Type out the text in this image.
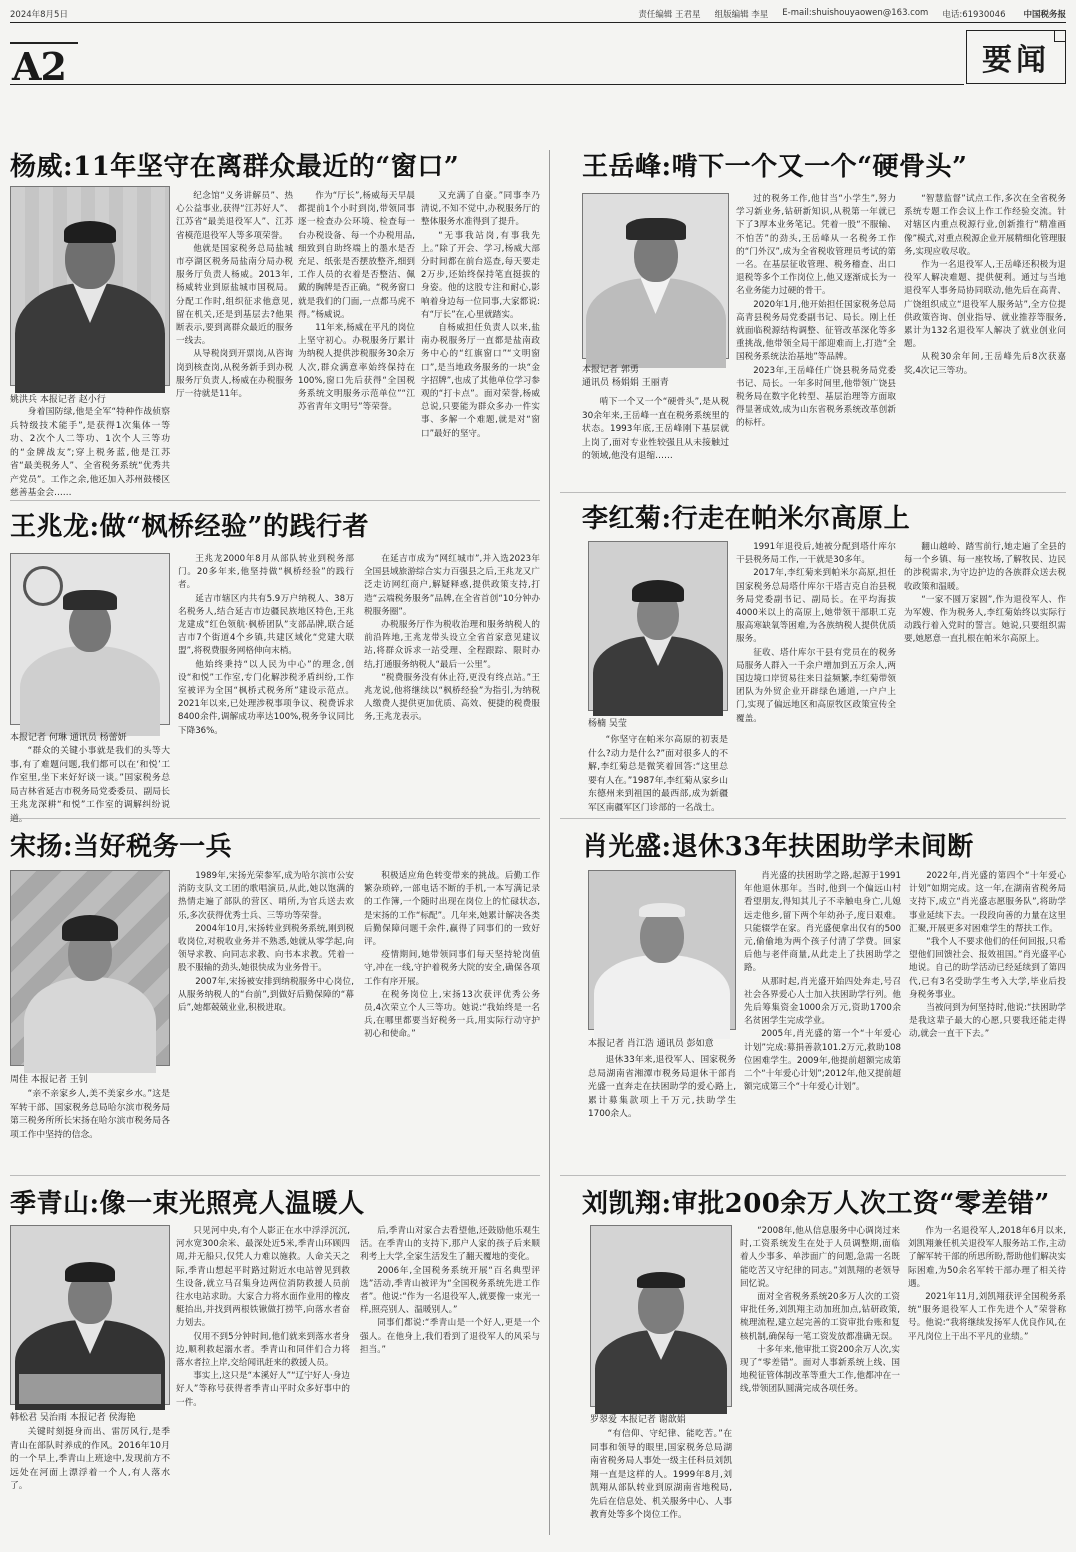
2024年8月5日	责任编辑 王君星 组版编辑 李星 E-mail:shuishouyaowen@163.com 电话:61930046 中国税务报
A2	要闻
杨威:11年坚守在离群众最近的“窗口”
姚洪兵 本报记者 赵小行
身着国防绿,他是全军“特种作战侦察兵特级技术能手”,是获得1次集体一等功、2次个人二等功、1次个人三等功的“金牌战友”;穿上税务蓝,他是江苏省“最美税务人”、全省税务系统“优秀共产党员”。工作之余,他还加入苏州鼓楼区慈善基金会……

纪念馆“义务讲解员”、热心公益事业,获得“江苏好人”、江苏省“最美退役军人”、江苏省模范退役军人等多项荣誉。

他就是国家税务总局盐城市亭湖区税务局盐南分局办税服务厅负责人杨威。2013年,杨威转业到原盐城市国税局。分配工作时,组织征求他意见,留在机关,还是到基层去?他果断表示,要到离群众最近的服务一线去。

从导税岗到开票岗,从咨询岗到核查岗,从税务新手到办税服务厅负责人,杨威在办税服务厅一待就是11年。

作为“厅长”,杨威每天早晨都提前1个小时到岗,带领同事逐一检查办公环境、检查每一台办税设备、每一个办税用品,细致到自助终端上的墨水是否充足、纸张是否摆放整齐,细到工作人员的衣着是否整洁、佩戴的胸牌是否正确。“税务窗口就是我们的门面,一点都马虎不得。”杨威说。

11年来,杨威在平凡的岗位上坚守初心。办税服务厅累计为纳税人提供涉税服务30余万人次,群众满意率始终保持在100%,窗口先后获得“全国税务系统文明服务示范单位”“江苏省青年文明号”等荣誉。

又充满了自豪。”同事李乃清说,不知不觉中,办税服务厅的整体服务水准得到了提升。

“无事我站岗,有事我先上。”除了开会、学习,杨威大部分时间都在前台巡查,每天要走2万步,还始终保持笔直挺拔的身姿。他的这股专注和耐心,影响着身边每一位同事,大家都说:有“厅长”在,心里就踏实。

自杨威担任负责人以来,盐南办税服务厅一直都是盐南政务中心的“红旗窗口”“文明窗口”,是当地政务服务的一块“金字招牌”,也成了其他单位学习参观的“打卡点”。面对荣誉,杨威总说,只要能为群众多办一件实事、多解一个难题,就是对“窗口”最好的坚守。

王岳峰:啃下一个又一个“硬骨头”
本报记者 郭勇
通讯员 杨娟娟 王丽青
啃下一个又一个“硬骨头”,是从税30余年来,王岳峰一直在税务系统里的状态。1993年底,王岳峰刚下基层就上岗了,面对专业性较强且从未接触过的领域,他没有退缩……

过的税务工作,他甘当“小学生”,努力学习新业务,钻研新知识,从税第一年就已下了3厚本业务笔记。凭着一股“不服输、不怕苦”的劲头,王岳峰从一名税务工作的“门外汉”,成为全省税收管理员考试的第一名。在基层征收管理、税务稽查、出口退税等多个工作岗位上,他又逐渐成长为一名业务能力过硬的骨干。

2020年1月,他开始担任国家税务总局高青县税务局党委副书记、局长。刚上任就面临税源结构调整、征管改革深化等多重挑战,他带领全局干部迎难而上,打造“全国税务系统法治基地”等品牌。

2023年,王岳峰任广饶县税务局党委书记、局长。一年多时间里,他带领广饶县税务局在数字化转型、基层治理等方面取得显著成效,成为山东省税务系统改革创新的标杆。

“智慧监督”试点工作,多次在全省税务系统专题工作会议上作工作经验交流。针对辖区内重点税源行业,创新推行“精准画像”模式,对重点税源企业开展精细化管理服务,实现应收尽收。

作为一名退役军人,王岳峰还积极为退役军人解决难题、提供便利。通过与当地退役军人事务局协同联动,他先后在高青、广饶组织成立“退役军人服务站”,全方位提供政策咨询、创业指导、就业推荐等服务,累计为132名退役军人解决了就业创业问题。

从税30余年间,王岳峰先后8次获嘉奖,4次记三等功。

王兆龙:做“枫桥经验”的践行者
本报记者 何琳 通讯员 杨蕾妍
“群众的关键小事就是我们的头等大事,有了难题问题,我们都可以在‘和悦’工作室里,坐下来好好谈一谈。”国家税务总局吉林省延吉市税务局党委委员、副局长王兆龙深耕“和悦”工作室的调解纠纷说道。

王兆龙2000年8月从部队转业到税务部门。20多年来,他坚持做“枫桥经验”的践行者。

延吉市辖区内共有5.9万户纳税人、38万名税务人,结合延吉市边疆民族地区特色,王兆龙建成“红色领航·枫桥团队”支部品牌,联合延吉市7个街道4个乡镇,共建区域化“党建大联盟”,将税费服务网格伸向末梢。

他始终秉持“以人民为中心”的理念,创设“和悦”工作室,专门化解涉税矛盾纠纷,工作室被评为全国“枫桥式税务所”建设示范点。2021年以来,已处理涉税事项争议、税费诉求8400余件,调解成功率达100%,税务争议同比下降36%。

在延吉市成为“网红城市”,并入选2023年全国县域旅游综合实力百强县之后,王兆龙又广泛走访网红商户,解疑释惑,提供政策支持,打造“云端税务服务”品牌,在全省首创“10分钟办税服务圈”。

办税服务厅作为税收治理和服务纳税人的前沿阵地,王兆龙带头设立全省首家意见建议站,将群众诉求一站受理、全程跟踪、限时办结,打通服务纳税人“最后一公里”。

“税费服务没有休止符,更没有终点站。”王兆龙说,他将继续以“枫桥经验”为指引,为纳税人缴费人提供更加优质、高效、便捷的税费服务,王兆龙表示。

李红菊:行走在帕米尔高原上
杨楠 吴莹
“你坚守在帕米尔高原的初衷是什么?动力是什么?”面对很多人的不解,李红菊总是微笑着回答:“这里总要有人在。”1987年,李红菊从家乡山东德州来到祖国的最西部,成为新疆军区南疆军区门诊部的一名战士。

1991年退役后,她被分配到塔什库尔干县税务局工作,一干就是30多年。

2017年,李红菊来到帕米尔高原,担任国家税务总局塔什库尔干塔吉克自治县税务局党委副书记、副局长。在平均海拔4000米以上的高原上,她带领干部职工克服高寒缺氧等困难,为各族纳税人提供优质服务。

征收、塔什库尔干县有党员在的税务局服务人群入一千余户增加到五万余人,两国边境口岸贸易往来日益频繁,李红菊带领团队为外贸企业开辟绿色通道,一户户上门,实现了偏远地区和高原牧区政策宣传全覆盖。

翻山越岭、踏雪前行,她走遍了全县的每一个乡镇、每一座牧场,了解牧民、边民的涉税需求,为守边护边的各族群众送去税收政策和温暖。

“一家不圆万家圆”,作为退役军人、作为军嫂、作为税务人,李红菊始终以实际行动践行着入党时的誓言。她说,只要组织需要,她愿意一直扎根在帕米尔高原上。

宋扬:当好税务一兵
周佳 本报记者 王钊
“亲不亲家乡人,美不美家乡水。”这是军转干部、国家税务总局哈尔滨市税务局第三税务所所长宋扬在哈尔滨市税务局各项工作中坚持的信念。

1989年,宋扬光荣参军,成为哈尔滨市公安消防支队文工团的歌唱演员,从此,她以饱满的热情走遍了部队的营区、哨所,为官兵送去欢乐,多次获得优秀士兵、三等功等荣誉。

2004年10月,宋扬转业到税务系统,刚到税收岗位,对税收业务并不熟悉,她就从零学起,向领导求教、向同志求教、向书本求教。凭着一股不服输的劲头,她很快成为业务骨干。

2007年,宋扬被安排到纳税服务中心岗位,从服务纳税人的“台前”,到做好后勤保障的“幕后”,她都兢兢业业,积极进取。

积极适应角色转变带来的挑战。后勤工作繁杂琐碎,一部电话不断的手机,一本写满记录的工作簿,一个随时出现在岗位上的忙碌状态,是宋扬的工作“标配”。几年来,她累计解决各类后勤保障问题千余件,赢得了同事们的一致好评。

疫情期间,她带领同事们每天坚持轮岗值守,冲在一线,守护着税务大院的安全,确保各项工作有序开展。

在税务岗位上,宋扬13次获评优秀公务员,4次荣立个人三等功。她说:“我始终是一名兵,在哪里都要当好税务一兵,用实际行动守护初心和使命。”

肖光盛:退休33年扶困助学未间断
本报记者 肖江浩 通讯员 彭如意
退休33年来,退役军人、国家税务总局湖南省湘潭市税务局退休干部肖光盛一直奔走在扶困助学的爱心路上,累计募集款项上千万元,扶助学生1700余人。

肖光盛的扶困助学之路,起源于1991年他退休那年。当时,他到一个偏远山村看望朋友,得知其儿子不幸触电身亡,儿媳远走他乡,留下两个年幼孙子,度日艰难。只能辍学在家。肖光盛便拿出仅有的500元,偷偷地为两个孩子付清了学费。回家后他与老伴商量,从此走上了扶困助学之路。

从那时起,肖光盛开始四处奔走,号召社会各界爱心人士加入扶困助学行列。他先后筹集资金1000余万元,资助1700余名贫困学生完成学业。

2005年,肖光盛的第一个“十年爱心计划”完成:募捐善款101.2万元,救助108位困难学生。2009年,他提前超额完成第二个“十年爱心计划”;2012年,他又提前超额完成第三个“十年爱心计划”。

2022年,肖光盛的第四个“十年爱心计划”如期完成。这一年,在湖南省税务局支持下,成立“肖光盛志愿服务队”,将助学事业延续下去。一段段向善的力量在这里汇聚,开展更多对困难学生的帮扶工作。

“我个人不要求他们的任何回报,只希望他们回馈社会、报效祖国。”肖光盛平心地说。自己的助学活动已经延续到了第四代,已有3名受助学生考入大学,毕业后投身税务事业。

当被问到为何坚持时,他说:“扶困助学是我这辈子最大的心愿,只要我还能走得动,就会一直干下去。”

季青山:像一束光照亮人温暖人
韩松君 吴治雨 本报记者 侯海艳
关键时刻挺身而出、雷厉风行,是季青山在部队时养成的作风。2016年10月的一个早上,季青山上班途中,发现前方不远处在河面上漂浮着一个人,有人落水了。

只见河中央,有个人影正在水中浮浮沉沉,河水宽300余米、最深处近5米,季青山环顾四周,并无船只,仅凭人力难以施救。人命关天之际,季青山想起平时路过附近水电站曾见到救生设备,就立马召集身边两位消防救援人员前往水电站求助。大家合力将水面作业用的橡皮艇抬出,并找到两根铁锹做打捞竿,向落水者奋力划去。

仅用不到5分钟时间,他们就来到落水者身边,顺利救起溺水者。季青山和同伴们合力将落水者拉上岸,交给闻讯赶来的救援人员。

事实上,这只是“本溪好人”“辽宁好人·身边好人”等称号获得者季青山平时众多好事中的一件。

后,季青山对家合去看望他,还鼓励他乐观生活。在季青山的支持下,那户人家的孩子后来顺利考上大学,全家生活发生了翻天覆地的变化。

2006年,全国税务系统开展“百名典型评选”活动,季青山被评为“全国税务系统先进工作者”。他说:“作为一名退役军人,就要像一束光一样,照亮别人、温暖别人。”

同事们都说:“季青山是一个好人,更是一个强人。在他身上,我们看到了退役军人的风采与担当。”

刘凯翔:审批200余万人次工资“零差错”
罗翠爱 本报记者 谢歆娟
“有信仰、守纪律、能吃苦。”在同事和领导的眼里,国家税务总局湖南省税务局人事处一级主任科员刘凯翔一直是这样的人。1999年8月,刘凯翔从部队转业到原湖南省地税局,先后在信息处、机关服务中心、人事教育处等多个岗位工作。

“2008年,他从信息服务中心调岗过来时,工资系统发生在处于人员调整期,面临着人少事多、单涉面广的问题,急需一名既能吃苦又守纪律的同志。”刘凯翔的老领导回忆说。

面对全省税务系统20多万人次的工资审批任务,刘凯翔主动加班加点,钻研政策,梳理流程,建立起完善的工资审批台账和复核机制,确保每一笔工资发放都准确无误。

十多年来,他审批工资200余万人次,实现了“零差错”。面对人事新系统上线、国地税征管体制改革等重大工作,他都冲在一线,带领团队圆满完成各项任务。

作为一名退役军人,2018年6月以来,刘凯翔兼任机关退役军人服务站工作,主动了解军转干部的所思所盼,帮助他们解决实际困难,为50余名军转干部办理了相关待遇。

2021年11月,刘凯翔获评全国税务系统“服务退役军人工作先进个人”荣誉称号。他说:“我将继续发扬军人优良作风,在平凡岗位上干出不平凡的业绩。”
